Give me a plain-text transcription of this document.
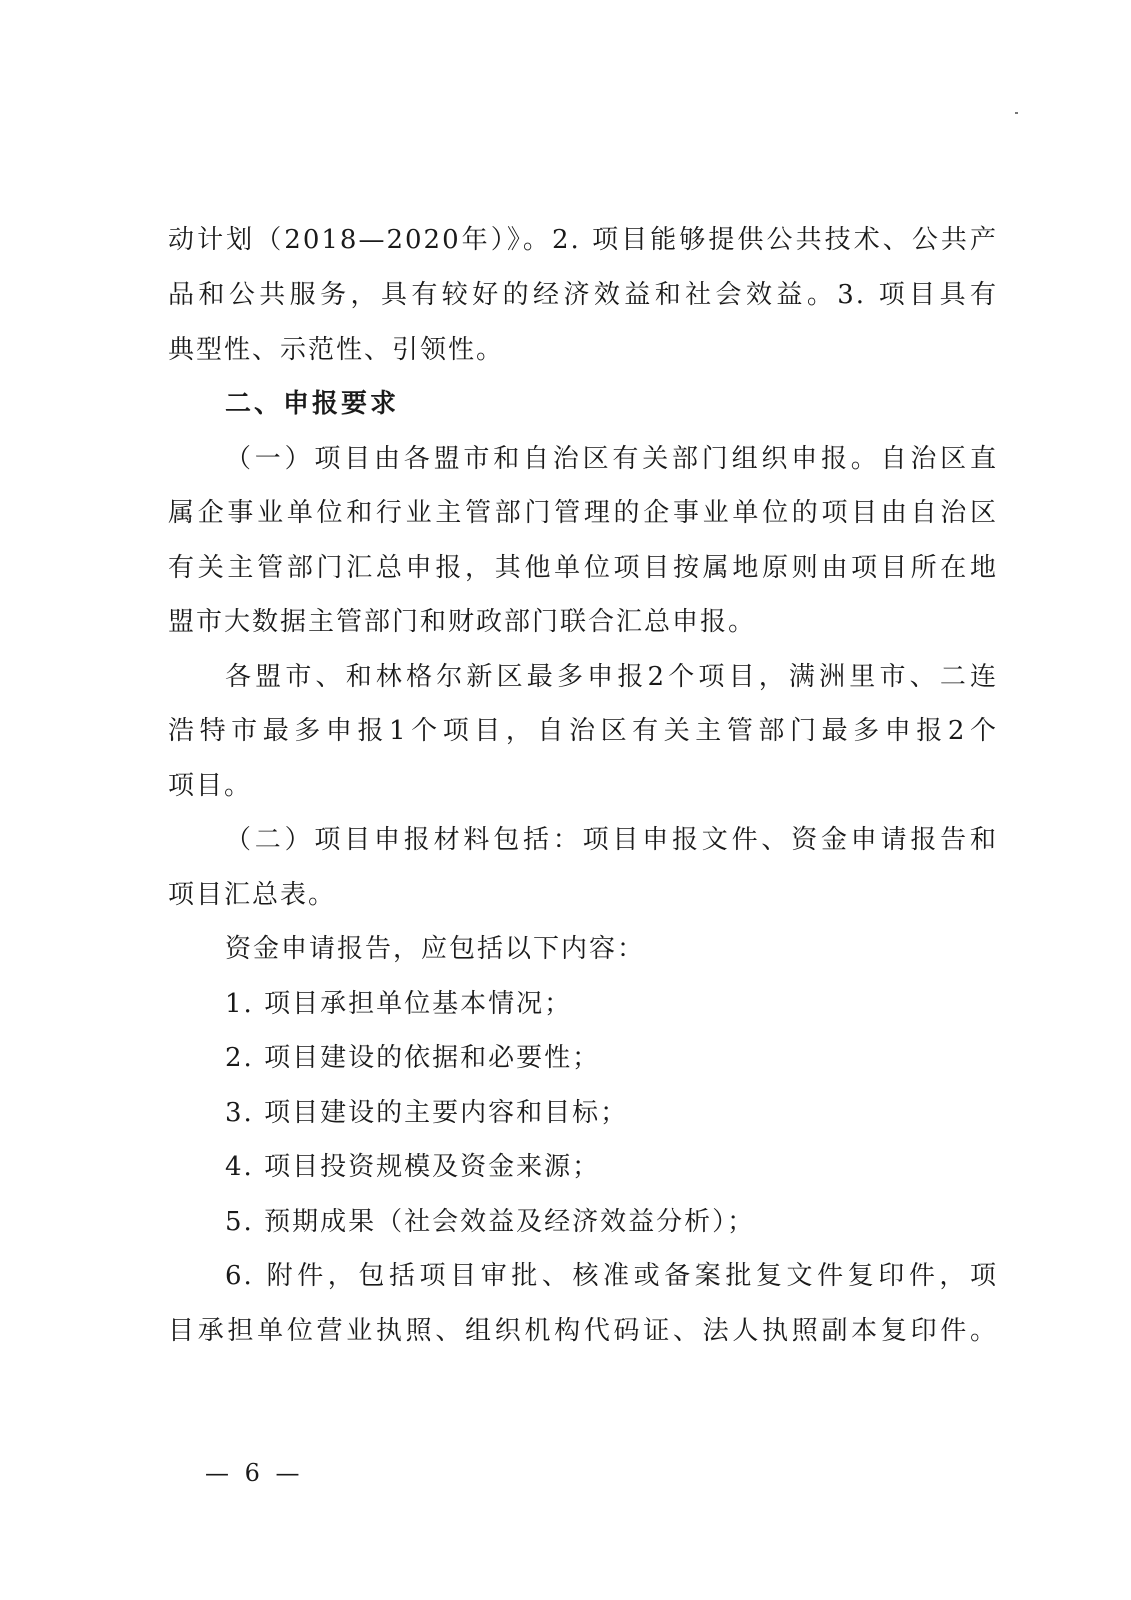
动计划（2018—2020年）》。2. 项目能够提供公共技术、公共产
品和公共服务，具有较好的经济效益和社会效益。3. 项目具有
典型性、示范性、引领性。
二、申报要求
（一）项目由各盟市和自治区有关部门组织申报。自治区直
属企事业单位和行业主管部门管理的企事业单位的项目由自治区
有关主管部门汇总申报，其他单位项目按属地原则由项目所在地
盟市大数据主管部门和财政部门联合汇总申报。
各盟市、和林格尔新区最多申报2个项目，满洲里市、二连
浩特市最多申报1个项目，自治区有关主管部门最多申报2个
项目。
（二）项目申报材料包括：项目申报文件、资金申请报告和
项目汇总表。
资金申请报告，应包括以下内容：
1. 项目承担单位基本情况；
2. 项目建设的依据和必要性；
3. 项目建设的主要内容和目标；
4. 项目投资规模及资金来源；
5. 预期成果（社会效益及经济效益分析）；
6. 附件，包括项目审批、核准或备案批复文件复印件，项
目承担单位营业执照、组织机构代码证、法人执照副本复印件。
— 6 —
